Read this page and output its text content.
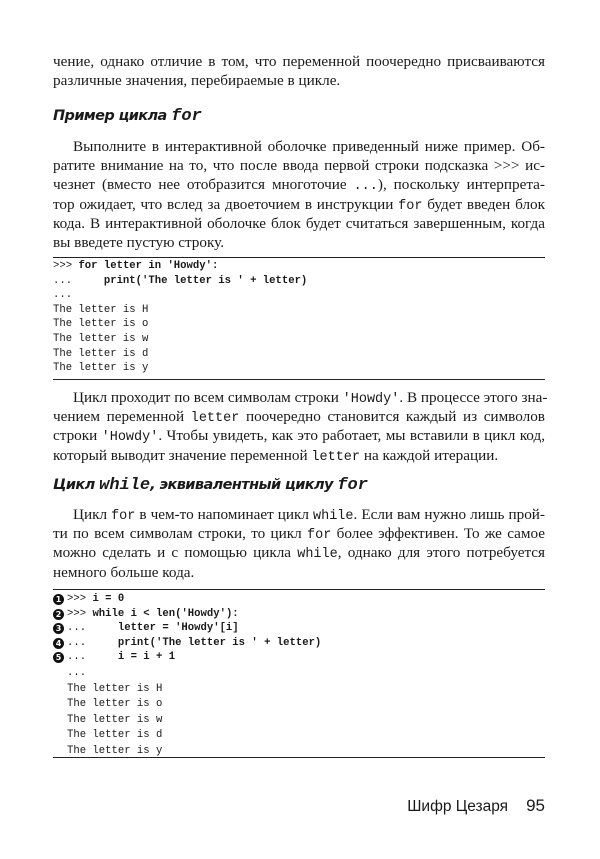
чение, однако отличие в том, что переменной поочередно присваиваются
различные значения, перебираемые в цикле.
Пример цикла for
Выполните в интерактивной оболочке приведенный ниже пример. Об-
ратите внимание на то, что после ввода первой строки подсказка >>> ис-
чезнет (вместо нее отобразится многоточие ...), поскольку интерпрета-
тор ожидает, что вслед за двоеточием в инструкции for будет введен блок
кода. В интерактивной оболочке блок будет считаться завершенным, когда
вы введете пустую строку.
>>> for letter in 'Howdy':
...     print('The letter is ' + letter)
...
The letter is H
The letter is o
The letter is w
The letter is d
The letter is y
Цикл проходит по всем символам строки 'Howdy'. В процессе этого зна-
чением переменной letter поочередно становится каждый из символов
строки 'Howdy'. Чтобы увидеть, как это работает, мы вставили в цикл код,
который выводит значение переменной letter на каждой итерации.
Цикл while, эквивалентный циклу for
Цикл for в чем-то напоминает цикл while. Если вам нужно лишь прой-
ти по всем символам строки, то цикл for более эффективен. То же самое
можно сделать и с помощью цикла while, однако для этого потребуется
немного больше кода.
1 >>> i = 0
2 >>> while i < len('Howdy'):
3 ...     letter = 'Howdy'[i]
4 ...     print('The letter is ' + letter)
5 ...     i = i + 1
...
The letter is H
The letter is o
The letter is w
The letter is d
The letter is y
Шифр Цезаря 95
